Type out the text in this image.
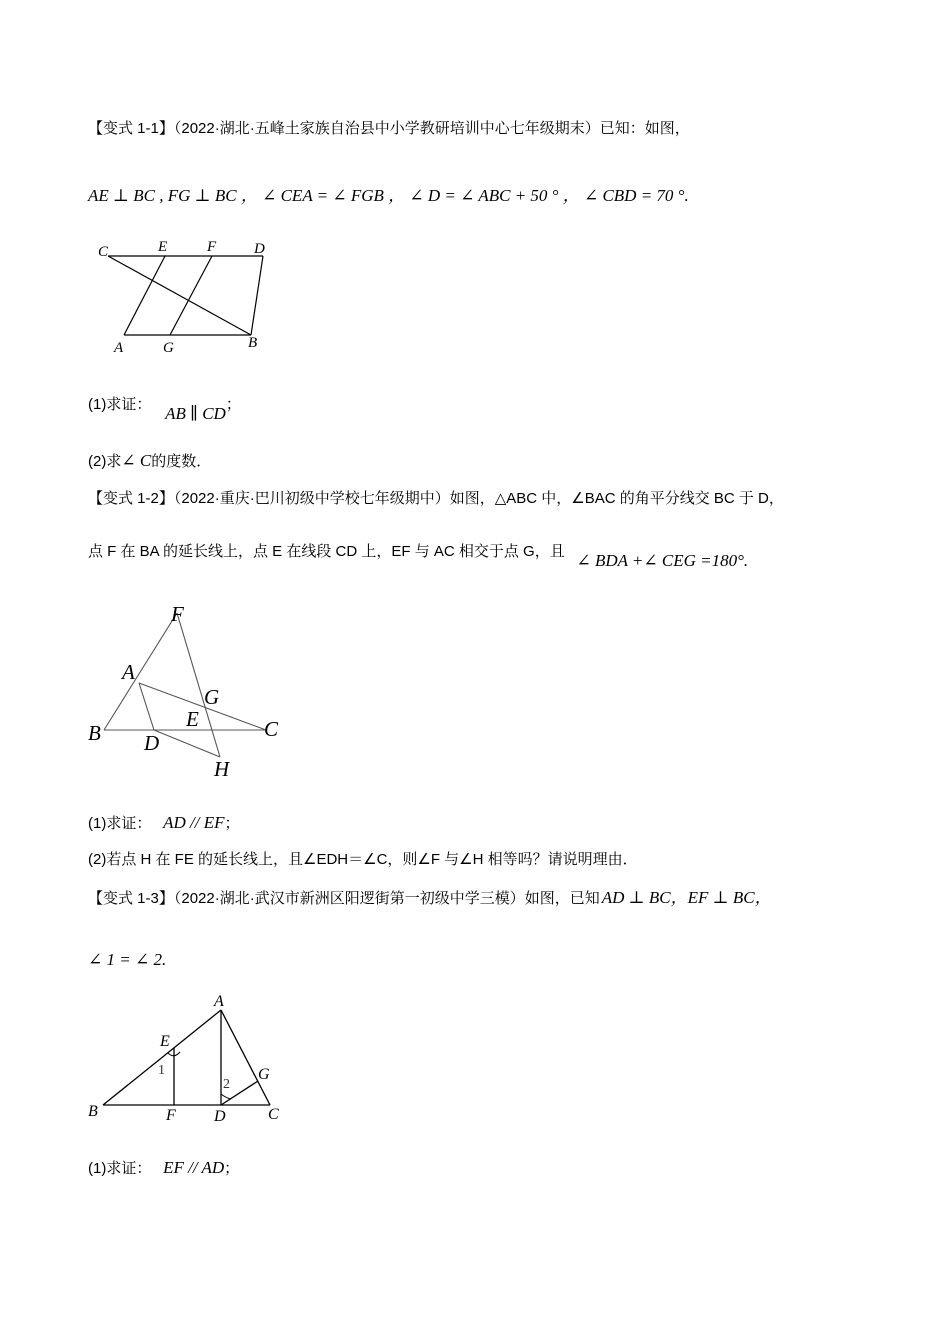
【变式 1-1】（2022·湖北·五峰土家族自治县中小学教研培训中心七年级期末）已知：如图，
AE ⊥ BC , FG ⊥ BC ， ∠ CEA = ∠ FGB ， ∠ D = ∠ ABC + 50 ° ， ∠ CBD = 70 °.
C	E	F	D
A	G	B
(1)求证： AB ∥ CD；
(2)求∠ C的度数．
【变式 1-2】（2022·重庆·巴川初级中学校七年级期中）如图，△ABC 中，∠BAC 的角平分线交 BC 于 D，
点 F 在 BA 的延长线上，点 E 在线段 CD 上，EF 与 AC 相交于点 G，且 ∠ BDA +∠ CEG =180°.
F
A
G
E
B D
C
H
(1)求证： AD // EF；
(2)若点 H 在 FE 的延长线上，且∠EDH＝∠C，则∠F 与∠H 相等吗？请说明理由．
【变式 1-3】（2022·湖北·武汉市新洲区阳逻街第一初级中学三模）如图，已知 AD ⊥ BC，EF ⊥ BC，
∠ 1 = ∠ 2.
A
E
1
2
G
B	F D	C
(1)求证： EF // AD；
